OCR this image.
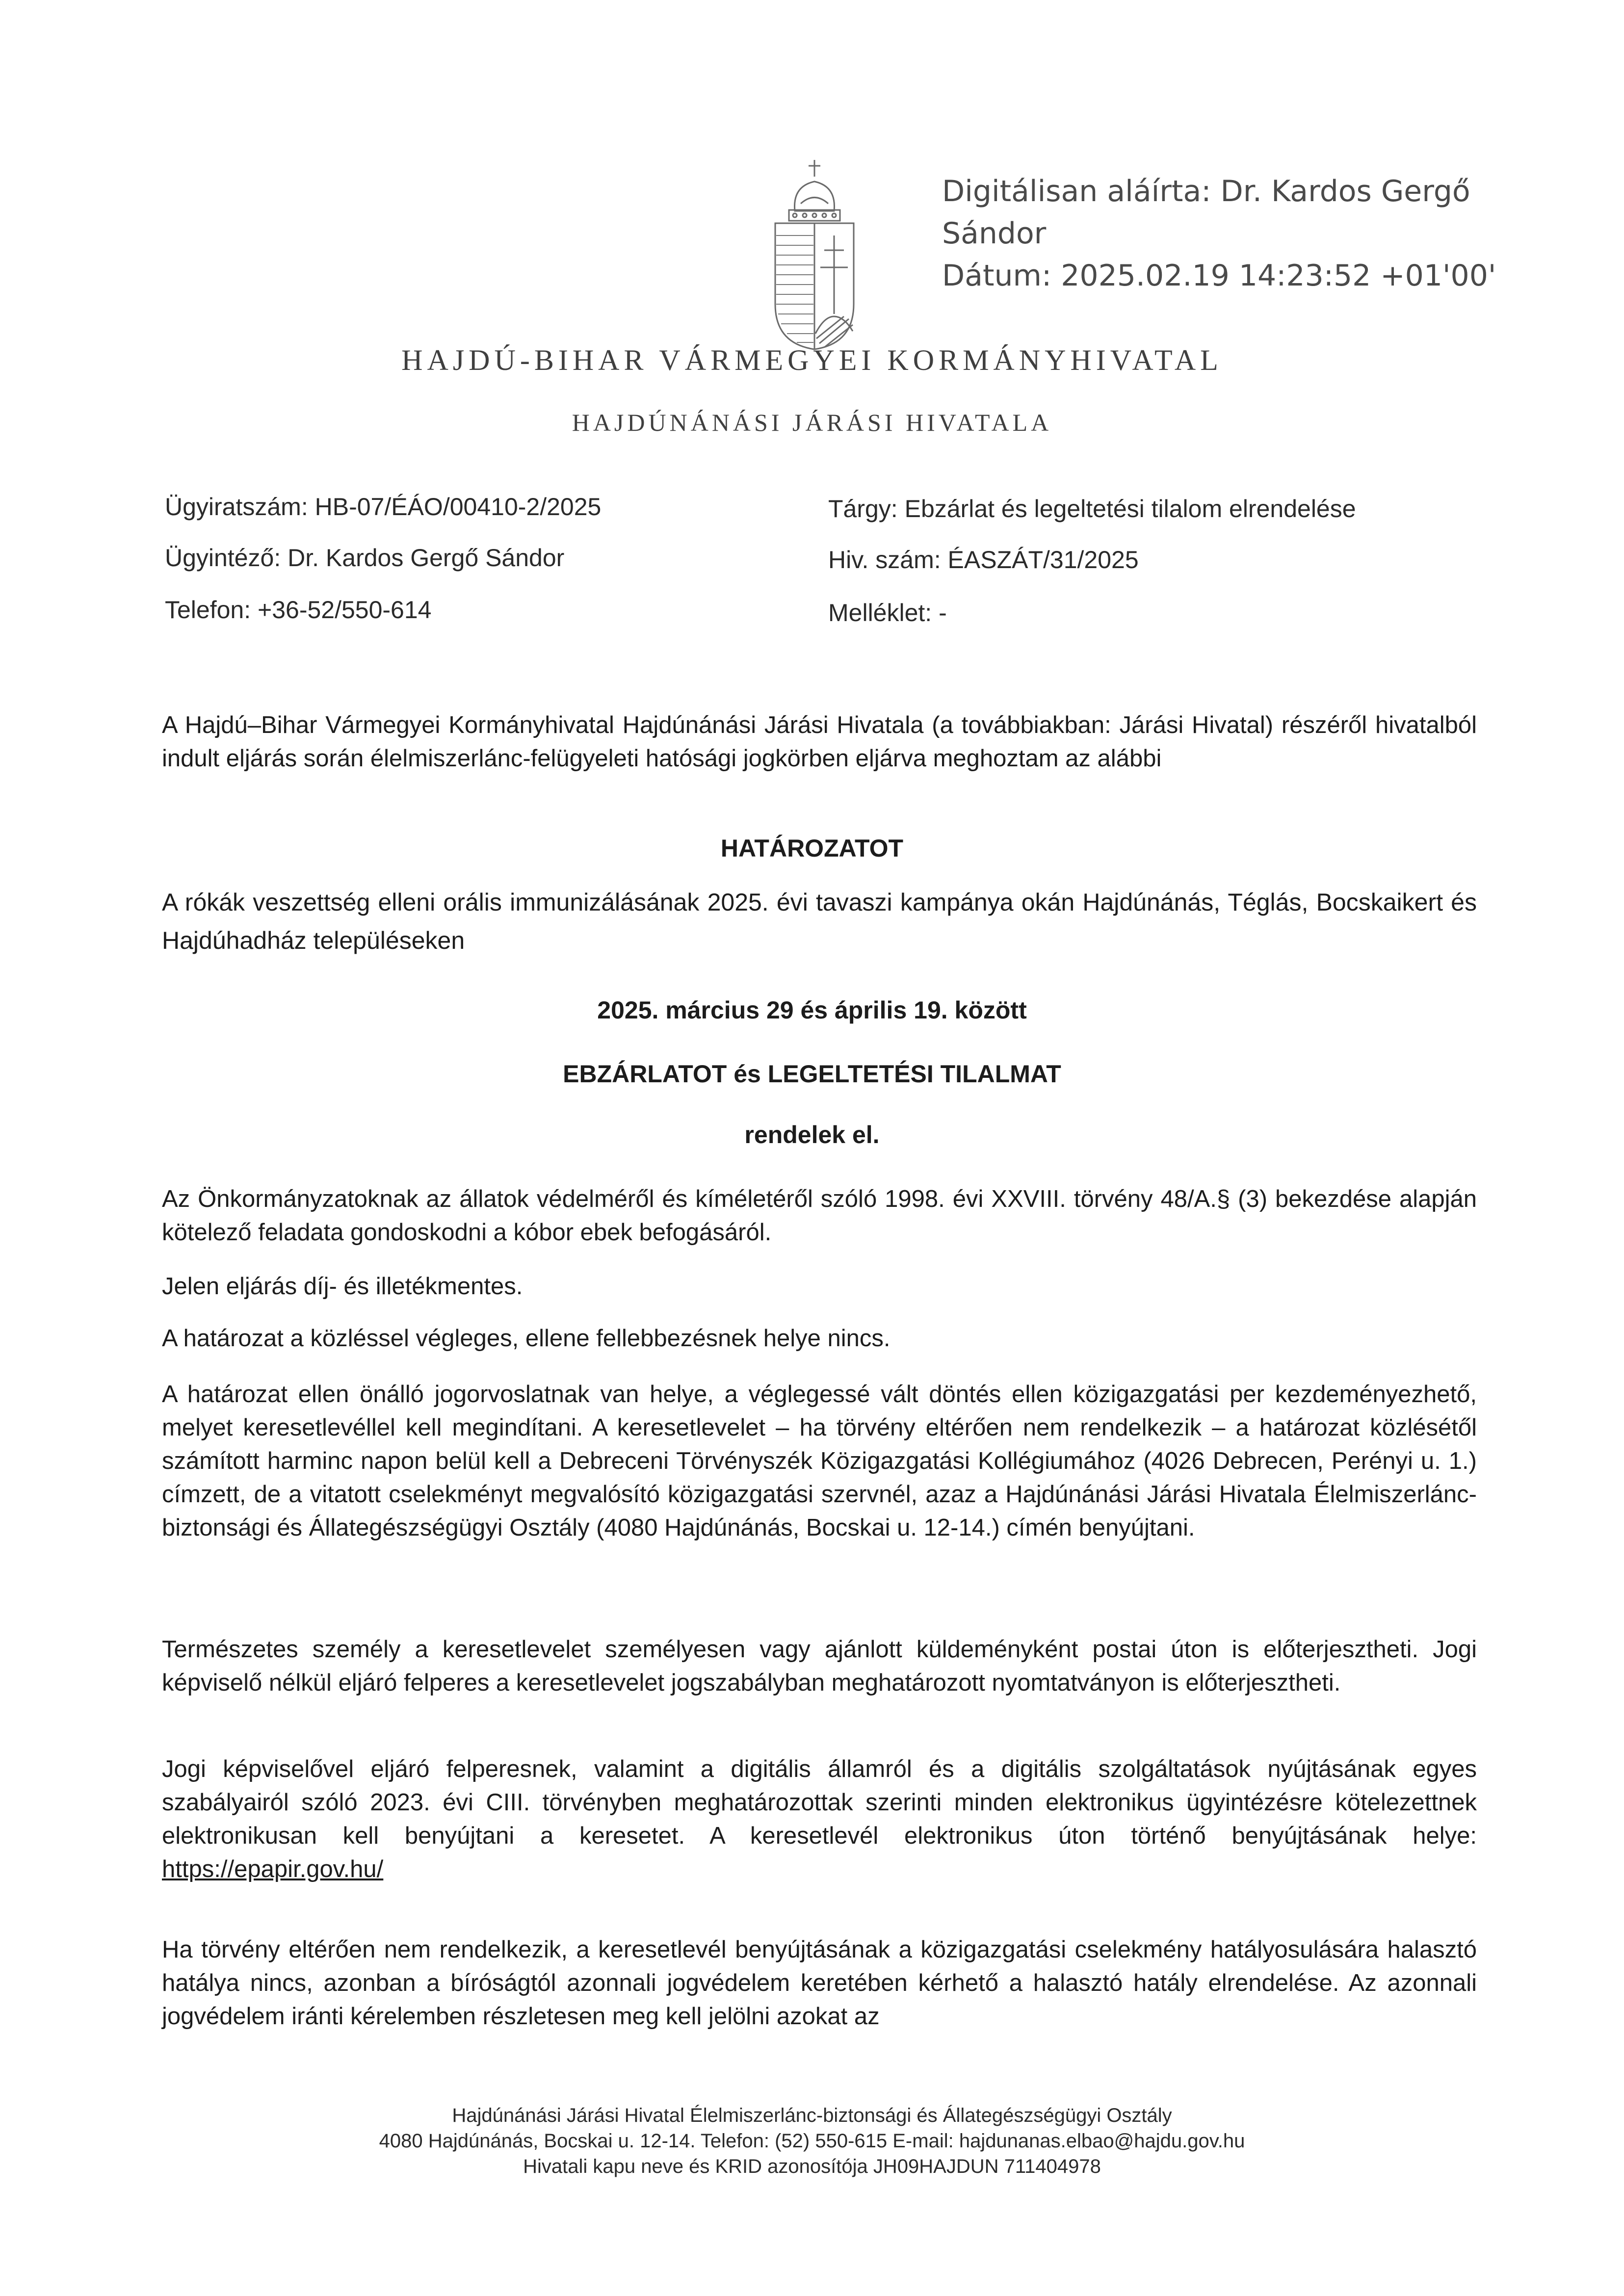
Digitálisan aláírta: Dr. Kardos Gergő
Sándor
Dátum: 2025.02.19 14:23:52 +01'00'
HAJDÚ-BIHAR VÁRMEGYEI KORMÁNYHIVATAL
HAJDÚNÁNÁSI JÁRÁSI HIVATALA
Ügyiratszám: HB-07/ÉÁO/00410-2/2025
Ügyintéző: Dr. Kardos Gergő Sándor
Telefon: +36-52/550-614
Tárgy: Ebzárlat és legeltetési tilalom elrendelése
Hiv. szám: ÉASZÁT/31/2025
Melléklet: -
A Hajdú–Bihar Vármegyei Kormányhivatal Hajdúnánási Járási Hivatala (a továbbiakban: Járási Hivatal) részéről hivatalból indult eljárás során élelmiszerlánc-felügyeleti hatósági jogkörben eljárva meghoztam az alábbi
HATÁROZATOT
A rókák veszettség elleni orális immunizálásának 2025. évi tavaszi kampánya okán Hajdúnánás, Téglás, Bocskaikert és Hajdúhadház településeken
2025. március 29 és április 19. között
EBZÁRLATOT és LEGELTETÉSI TILALMAT
rendelek el.
Az Önkormányzatoknak az állatok védelméről és kíméletéről szóló 1998. évi XXVIII. törvény 48/A.§ (3) bekezdése alapján kötelező feladata gondoskodni a kóbor ebek befogásáról.
Jelen eljárás díj- és illetékmentes.
A határozat a közléssel végleges, ellene fellebbezésnek helye nincs.
A határozat ellen önálló jogorvoslatnak van helye, a véglegessé vált döntés ellen közigazgatási per kezdeményezhető, melyet keresetlevéllel kell megindítani. A keresetlevelet – ha törvény eltérően nem rendelkezik – a határozat közlésétől számított harminc napon belül kell a Debreceni Törvényszék Közigazgatási Kollégiumához (4026 Debrecen, Perényi u. 1.) címzett, de a vitatott cselekményt megvalósító közigazgatási szervnél, azaz a Hajdúnánási Járási Hivatala Élelmiszerlánc-biztonsági és Állategészségügyi Osztály (4080 Hajdúnánás, Bocskai u. 12-14.) címén benyújtani.
Természetes személy a keresetlevelet személyesen vagy ajánlott küldeményként postai úton is előterjesztheti. Jogi képviselő nélkül eljáró felperes a keresetlevelet jogszabályban meghatározott nyomtatványon is előterjesztheti.
Jogi képviselővel eljáró felperesnek, valamint a digitális államról és a digitális szolgáltatások nyújtásának egyes szabályairól szóló 2023. évi CIII. törvényben meghatározottak szerinti minden elektronikus ügyintézésre kötelezettnek elektronikusan kell benyújtani a keresetet. A keresetlevél elektronikus úton történő benyújtásának helye: https://epapir.gov.hu/
Ha törvény eltérően nem rendelkezik, a keresetlevél benyújtásának a közigazgatási cselekmény hatályosulására halasztó hatálya nincs, azonban a bíróságtól azonnali jogvédelem keretében kérhető a halasztó hatály elrendelése. Az azonnali jogvédelem iránti kérelemben részletesen meg kell jelölni azokat az
Hajdúnánási Járási Hivatal Élelmiszerlánc-biztonsági és Állategészségügyi Osztály
4080 Hajdúnánás, Bocskai u. 12-14. Telefon: (52) 550-615 E-mail: hajdunanas.elbao@hajdu.gov.hu
Hivatali kapu neve és KRID azonosítója JH09HAJDUN 711404978
